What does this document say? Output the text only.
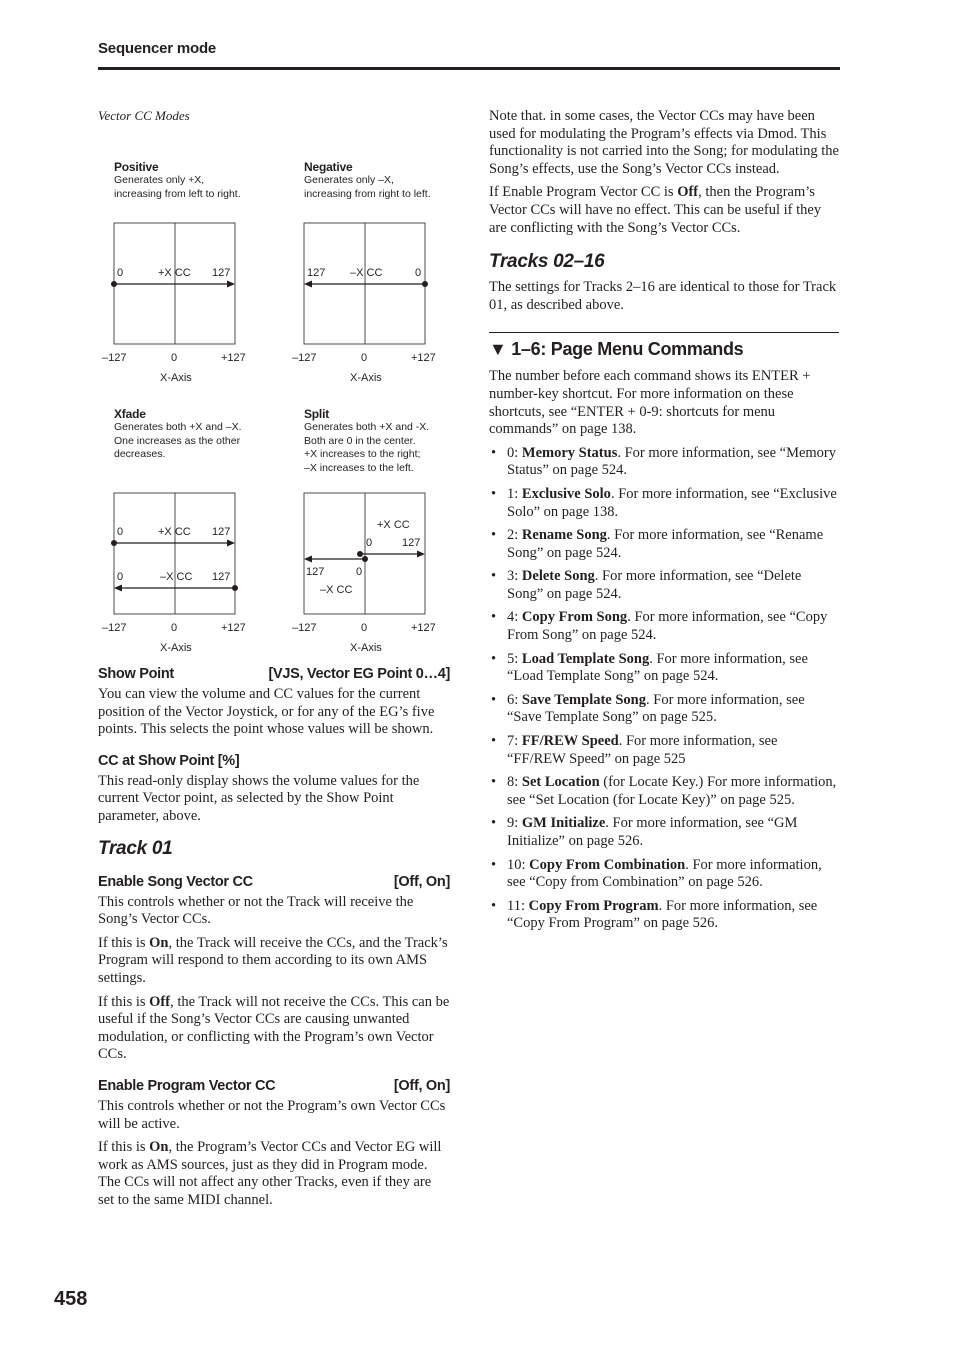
Sequencer mode
Vector CC Modes
Positive
Generates only +X,
increasing from left to right.
0	+X CC 127
–127	0	+127
X-Axis
Negative
Generates only –X,
increasing from right to left.
127 –X CC	0
–127	0	+127
X-Axis
Xfade
Generates both +X and –X.
One increases as the other
decreases.
0	+X CC 127
0	–X CC 127
–127	0	+127
X-Axis
Split
Generates both +X and -X.
Both are 0 in the center.
+X increases to the right;
–X increases to the left.
+X CC
0	127
127	0
–X CC
–127	0	+127
X-Axis
Show Point	[VJS, Vector EG Point 0…4]

You can view the volume and CC values for the current position of the Vector Joystick, or for any of the EG’s five points. This selects the point whose values will be shown.

CC at Show Point [%]

This read-only display shows the volume values for the current Vector point, as selected by the Show Point parameter, above.

Track 01
Enable Song Vector CC	[Off, On]

This controls whether or not the Track will receive the Song’s Vector CCs.

If this is On, the Track will receive the CCs, and the Track’s Program will respond to them according to its own AMS settings.

If this is Off, the Track will not receive the CCs. This can be useful if the Song’s Vector CCs are causing unwanted modulation, or conflicting with the Program’s own Vector CCs.

Enable Program Vector CC	[Off, On]

This controls whether or not the Program’s own Vector CCs will be active.

If this is On, the Program’s Vector CCs and Vector EG will work as AMS sources, just as they did in Program mode. The CCs will not affect any other Tracks, even if they are set to the same MIDI channel.

Note that. in some cases, the Vector CCs may have been used for modulating the Program’s effects via Dmod. This functionality is not carried into the Song; for modulating the Song’s effects, use the Song’s Vector CCs instead.

If Enable Program Vector CC is Off, then the Program’s Vector CCs will have no effect. This can be useful if they are conflicting with the Song’s Vector CCs.

Tracks 02–16

The settings for Tracks 2–16 are identical to those for Track 01, as described above.

▼ 1–6: Page Menu Commands

The number before each command shows its ENTER + number-key shortcut. For more information on these shortcuts, see “ENTER + 0-9: shortcuts for menu commands” on page 138.

• 0: Memory Status. For more information, see “Memory Status” on page 524.
• 1: Exclusive Solo. For more information, see “Exclusive Solo” on page 138.
• 2: Rename Song. For more information, see “Rename Song” on page 524.
• 3: Delete Song. For more information, see “Delete Song” on page 524.
• 4: Copy From Song. For more information, see “Copy From Song” on page 524.
• 5: Load Template Song. For more information, see “Load Template Song” on page 524.
• 6: Save Template Song. For more information, see “Save Template Song” on page 525.
• 7: FF/REW Speed. For more information, see “FF/REW Speed” on page 525
• 8: Set Location (for Locate Key.) For more information, see “Set Location (for Locate Key)” on page 525.
• 9: GM Initialize. For more information, see “GM Initialize” on page 526.
• 10: Copy From Combination. For more information, see “Copy from Combination” on page 526.
• 11: Copy From Program. For more information, see “Copy From Program” on page 526.
458
